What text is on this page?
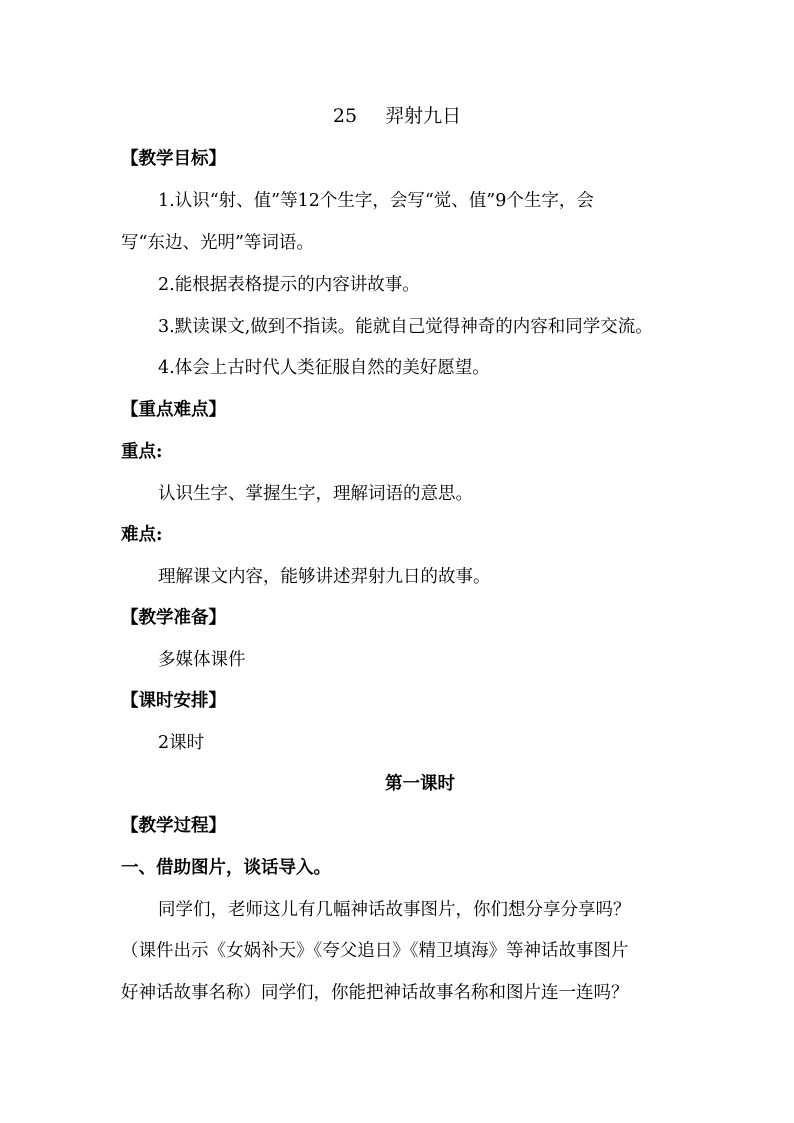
25 羿射九日
【教学目标】
1.认识“射、值”等12个生字，会写“觉、值”9个生字，会
写“东边、光明”等词语。
2.能根据表格提示的内容讲故事。
3.默读课文,做到不指读。能就自己觉得神奇的内容和同学交流。
4.体会上古时代人类征服自然的美好愿望。
【重点难点】
重点:
认识生字、掌握生字，理解词语的意思。
难点:
理解课文内容，能够讲述羿射九日的故事。
【教学准备】
多媒体课件
【课时安排】
2课时
第一课时
【教学过程】
一、借助图片，谈话导入。
同学们，老师这儿有几幅神话故事图片，你们想分享分享吗？
（课件出示《女娲补天》《夸父追日》《精卫填海》等神话故事图片
好神话故事名称）同学们，你能把神话故事名称和图片连一连吗？
